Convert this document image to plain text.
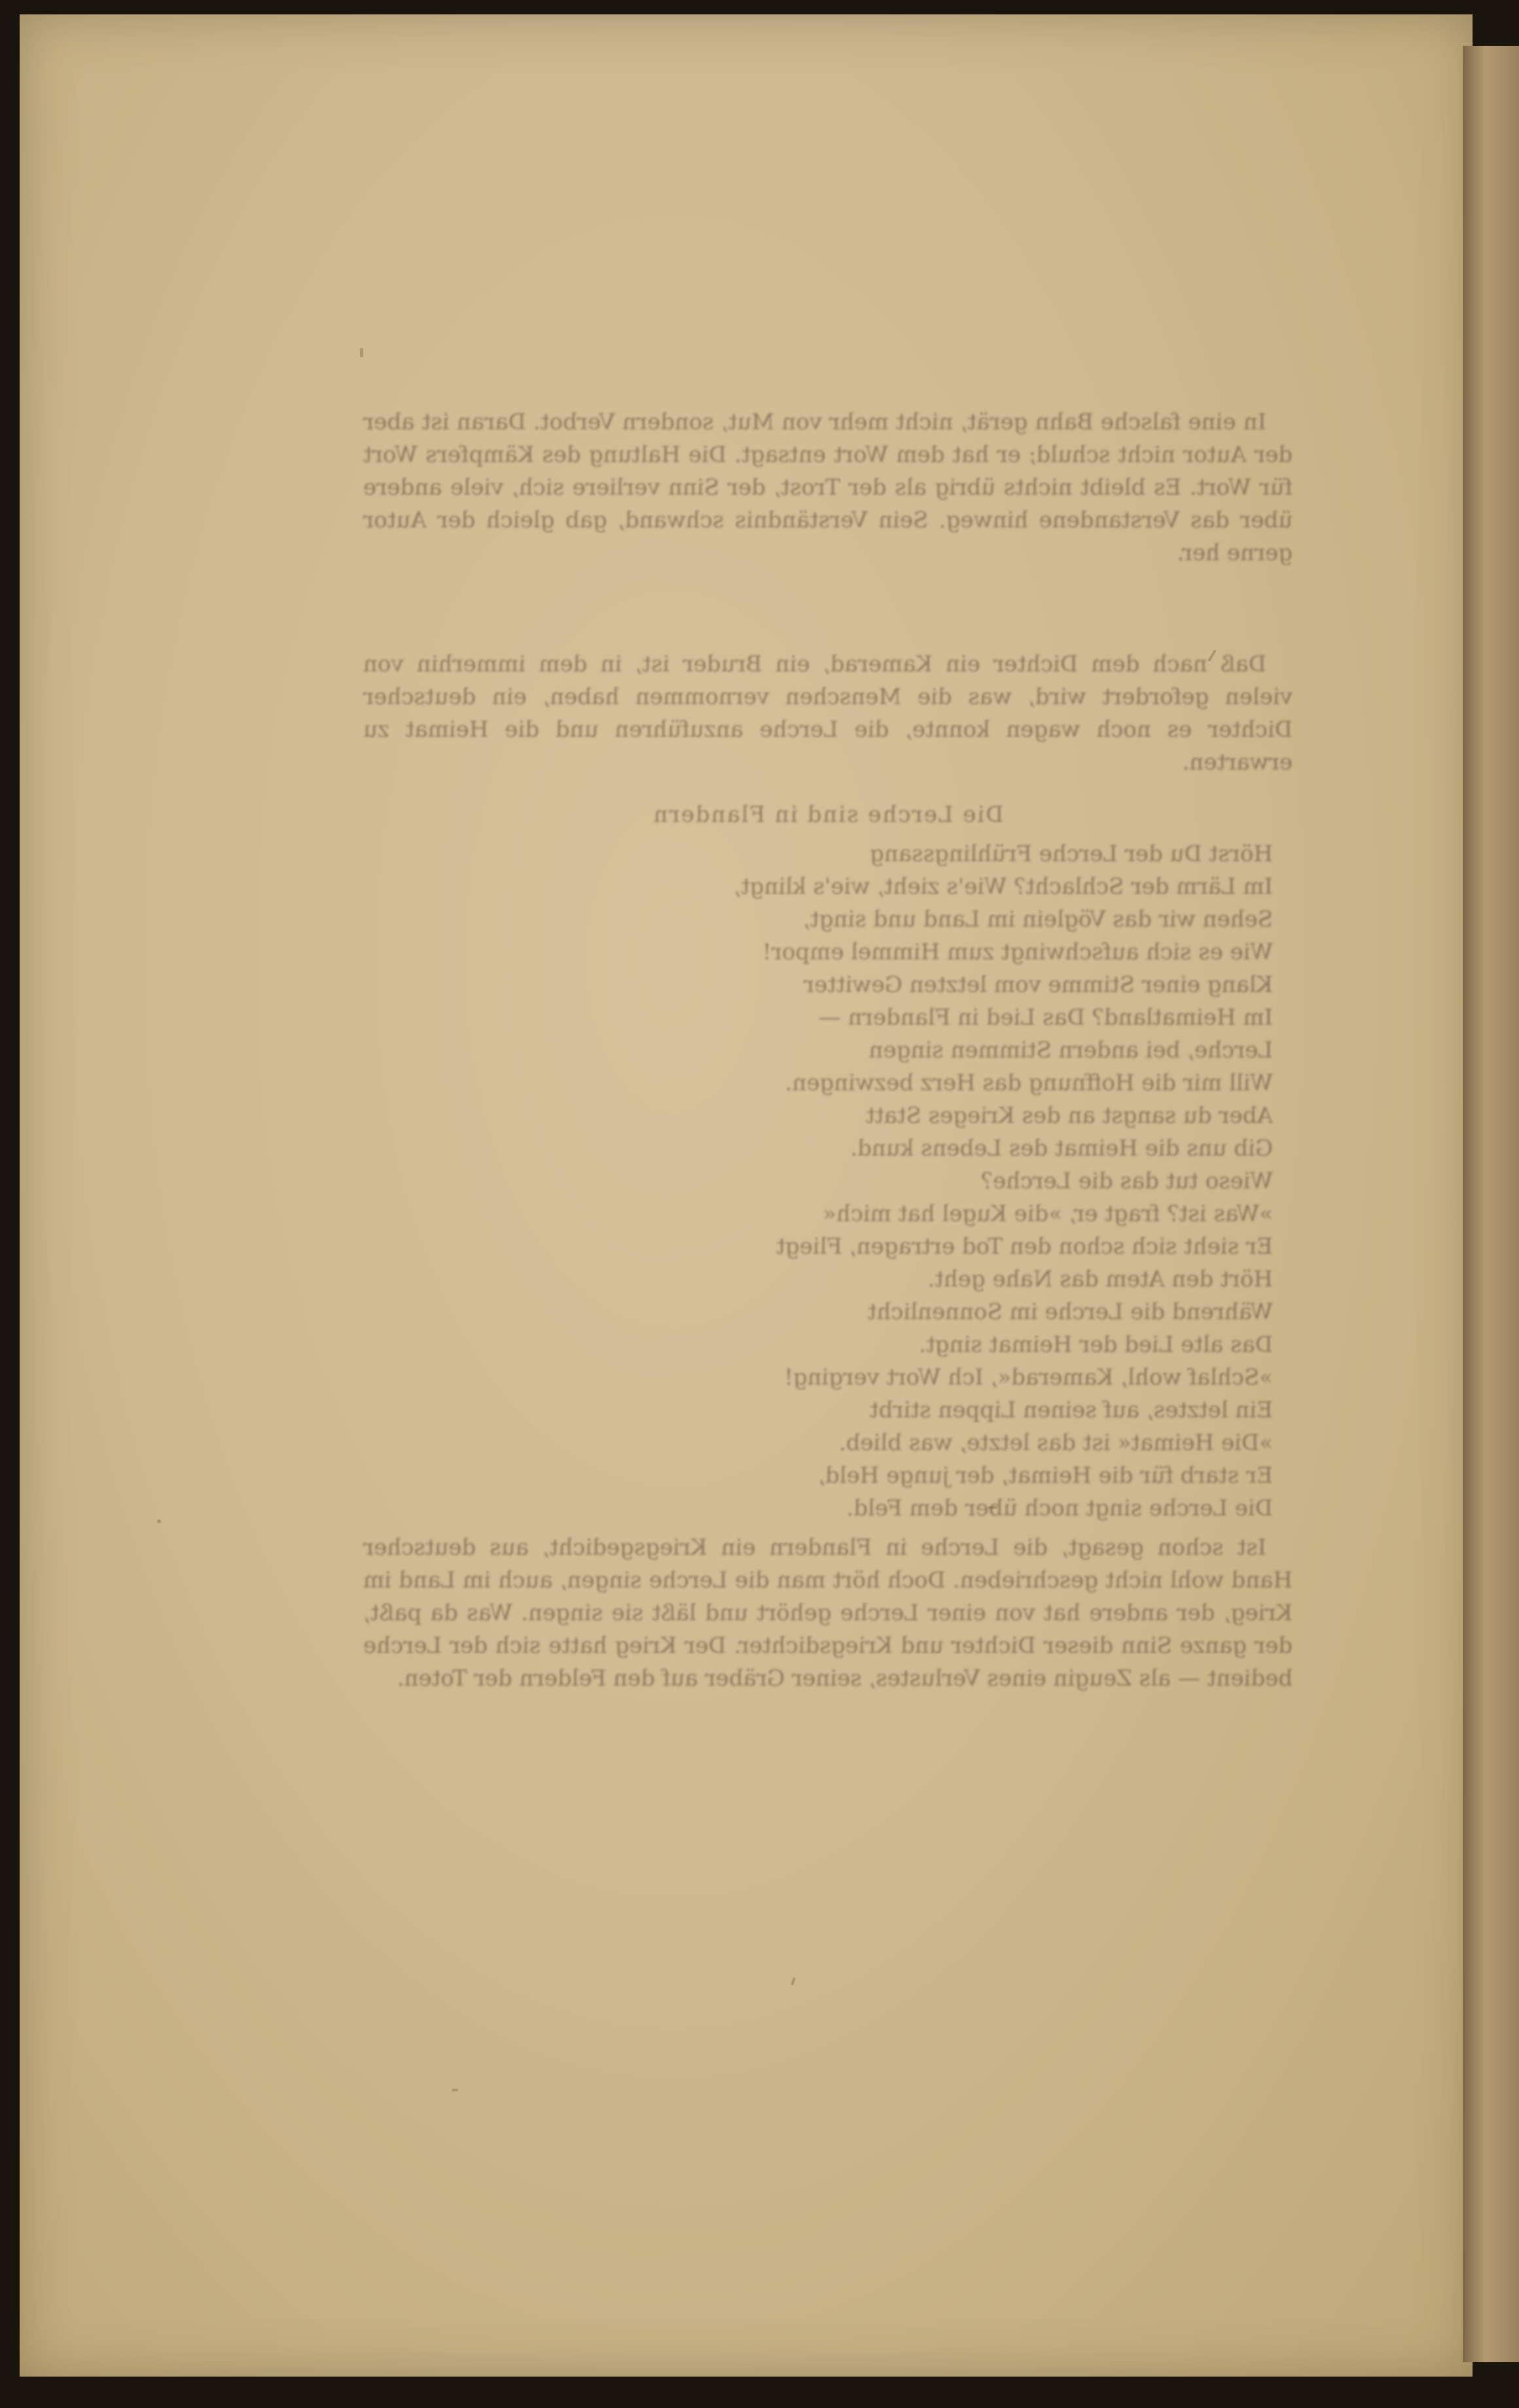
In eine falsche Bahn gerät, nicht mehr von Mut, sondern Verbot. Daran ist aber der Autor nicht schuld; er hat dem Wort entsagt. Die Haltung des Kämpfers Wort für Wort. Es bleibt nichts übrig als der Trost, der Sinn verliere sich, viele andere über das Verstandene hinweg. Sein Verständnis schwand, gab gleich der Autor gerne her.

Daß nach dem Dichter ein Kamerad, ein Bruder ist, in dem immerhin von vielen gefordert wird, was die Menschen vernommen haben, ein deutscher Dichter es noch wagen konnte, die Lerche anzuführen und die Heimat zu erwarten.

Die Lerche sind in Flandern
Hörst Du der Lerche Frühlingssang
Im Lärm der Schlacht? Wie's zieht, wie's klingt,
Sehen wir das Vöglein im Land und singt,
Wie es sich aufschwingt zum Himmel empor!
Klang einer Stimme vom letzten Gewitter
Im Heimatland? Das Lied in Flandern —
Lerche, bei andern Stimmen singen
Will mir die Hoffnung das Herz bezwingen.
Aber du sangst an des Krieges Statt
Gib uns die Heimat des Lebens kund.
Wieso tut das die Lerche?
»Was ist? fragt er, »die Kugel hat mich«
Er sieht sich schon den Tod ertragen, Fliegt
Hört den Atem das Nahe geht.
Während die Lerche im Sonnenlicht
Das alte Lied der Heimat singt.
»Schlaf wohl, Kamerad«, Ich Wort verging!
Ein letztes, auf seinen Lippen stirbt
»Die Heimat« ist das letzte, was blieb.
Er starb für die Heimat, der junge Held,
Die Lerche singt noch über dem Feld.

Ist schon gesagt, die Lerche in Flandern ein Kriegsgedicht, aus deutscher Hand wohl nicht geschrieben. Doch hört man die Lerche singen, auch im Land im Krieg, der andere hat von einer Lerche gehört und läßt sie singen. Was da paßt, der ganze Sinn dieser Dichter und Kriegsdichter. Der Krieg hatte sich der Lerche bedient — als Zeugin eines Verlustes, seiner Gräber auf den Feldern der Toten.
